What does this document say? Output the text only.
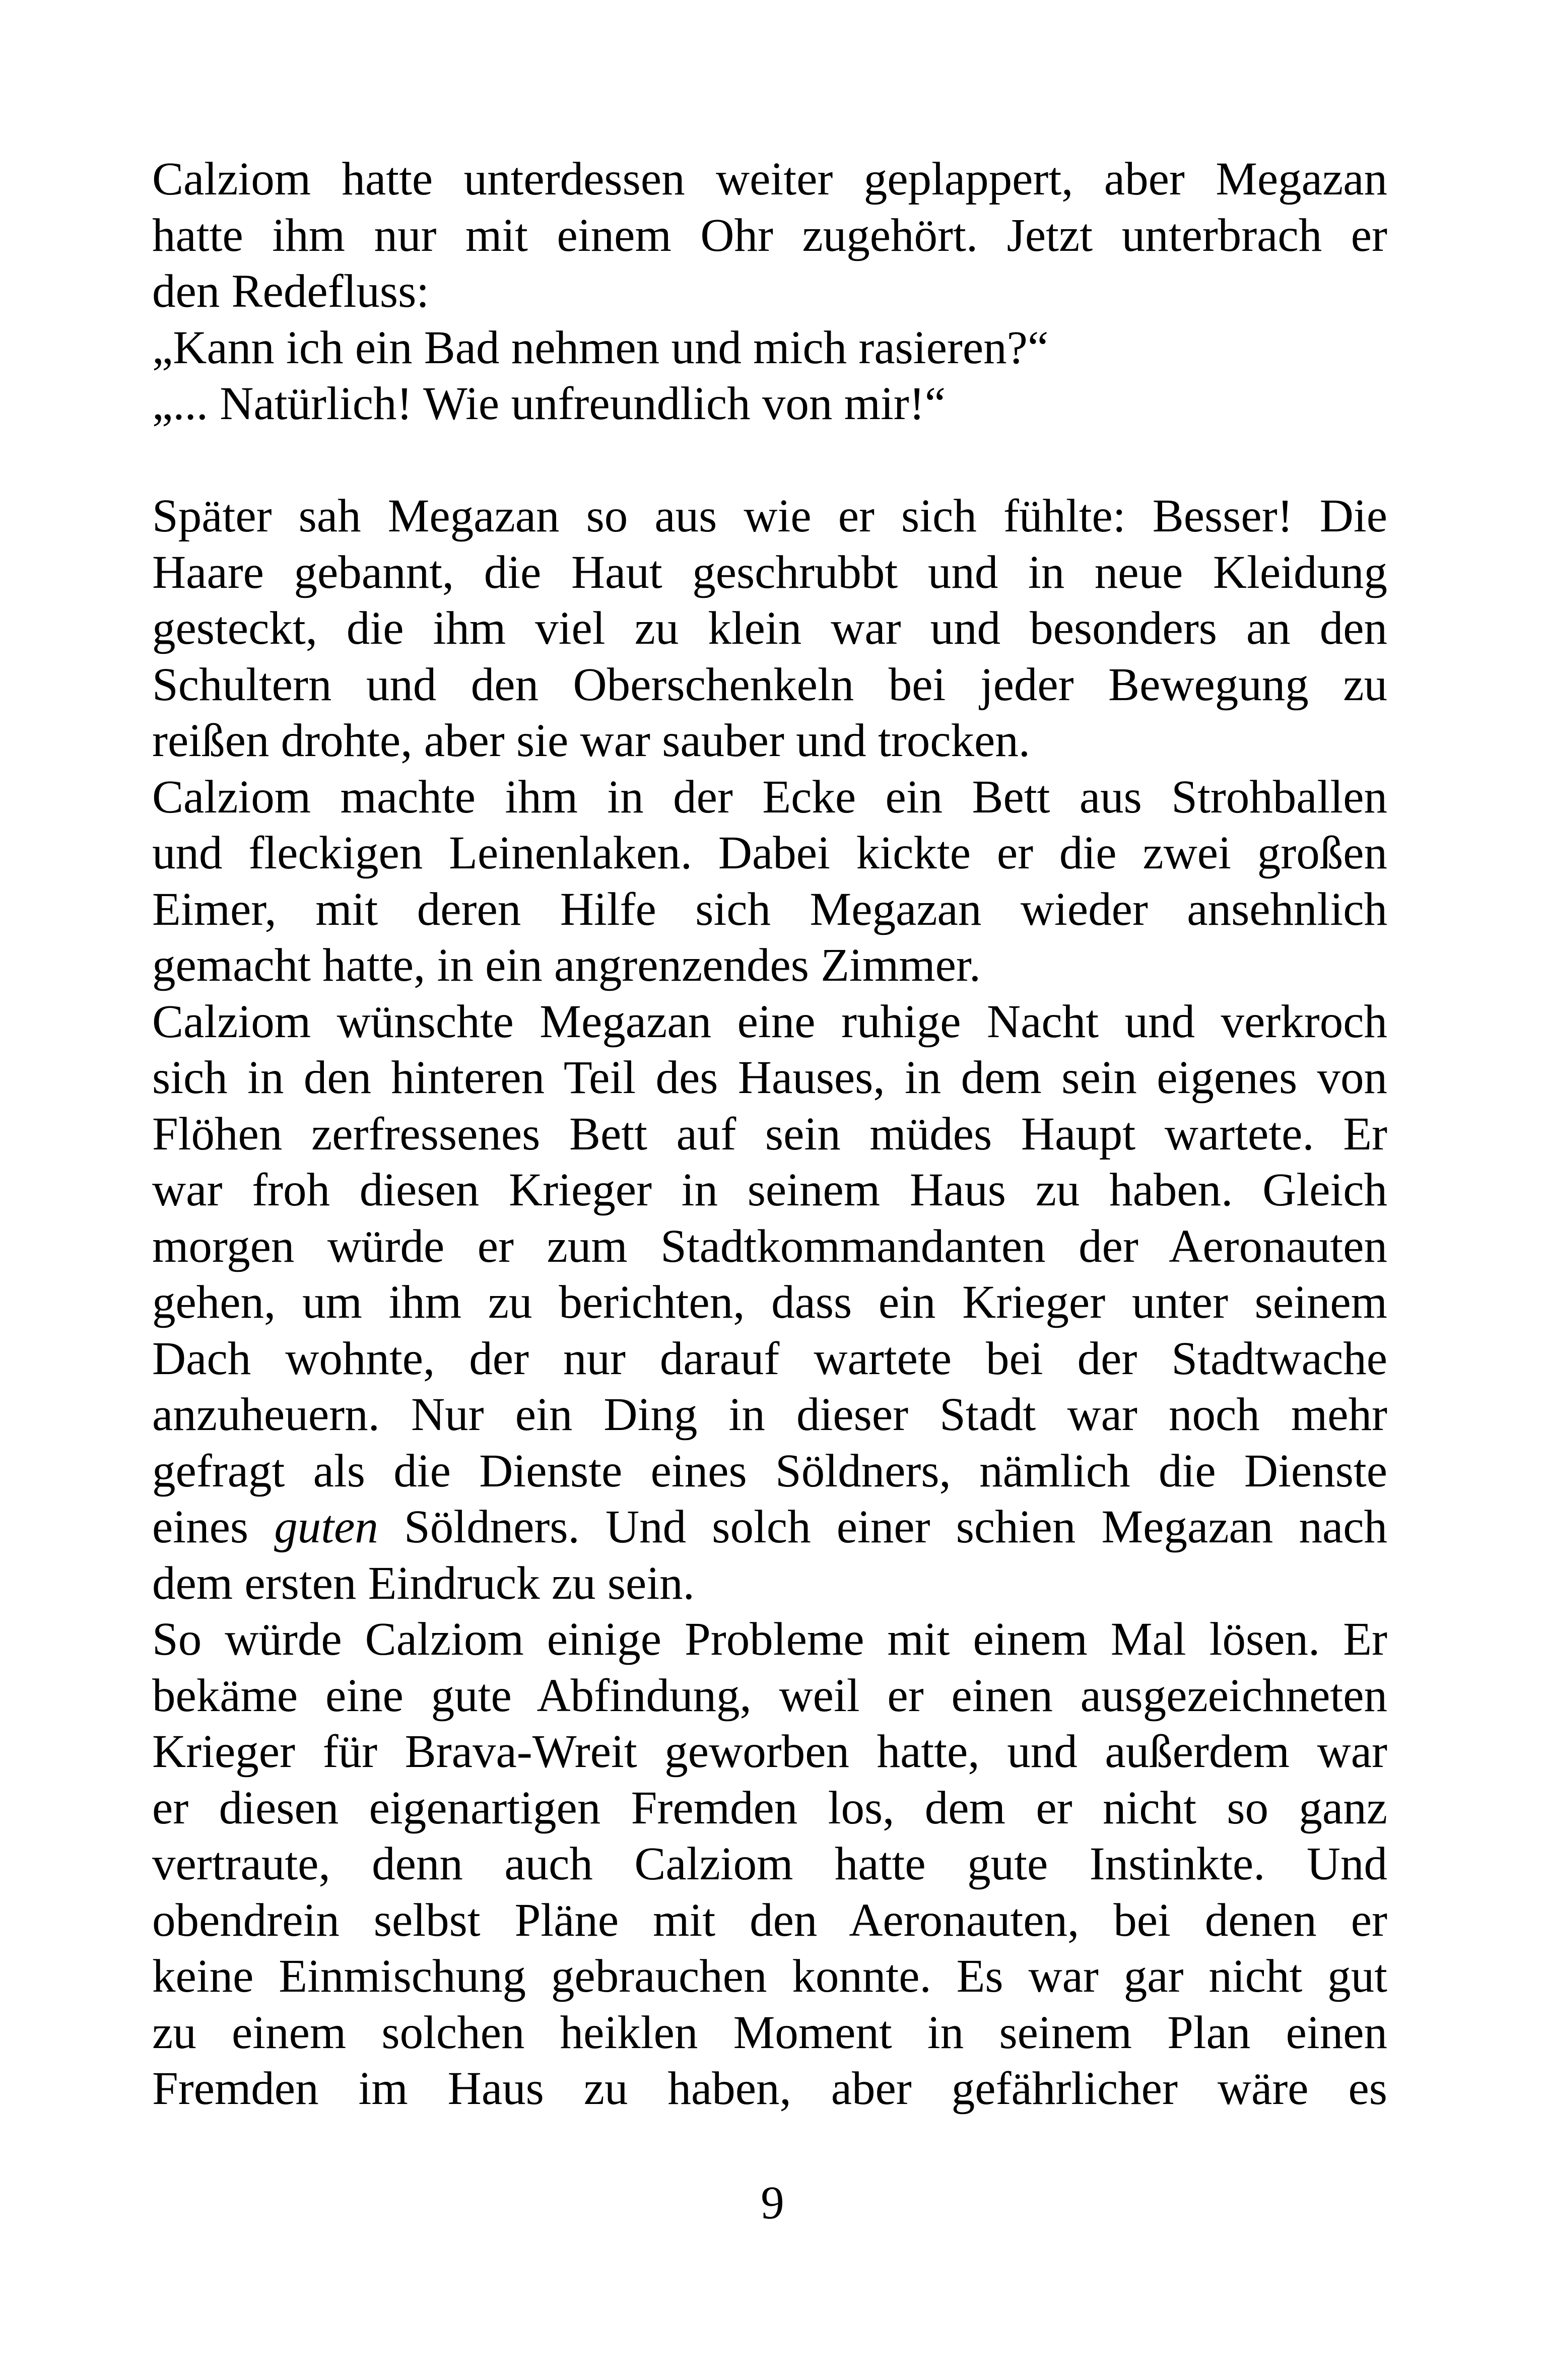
Calziom hatte unterdessen weiter geplappert, aber Megazan
hatte ihm nur mit einem Ohr zugehört. Jetzt unterbrach er
den Redefluss:
„Kann ich ein Bad nehmen und mich rasieren?“
„... Natürlich! Wie unfreundlich von mir!“
Später sah Megazan so aus wie er sich fühlte: Besser! Die
Haare gebannt, die Haut geschrubbt und in neue Kleidung
gesteckt, die ihm viel zu klein war und besonders an den
Schultern und den Oberschenkeln bei jeder Bewegung zu
reißen drohte, aber sie war sauber und trocken.
Calziom machte ihm in der Ecke ein Bett aus Strohballen
und fleckigen Leinenlaken. Dabei kickte er die zwei großen
Eimer, mit deren Hilfe sich Megazan wieder ansehnlich
gemacht hatte, in ein angrenzendes Zimmer.
Calziom wünschte Megazan eine ruhige Nacht und verkroch
sich in den hinteren Teil des Hauses, in dem sein eigenes von
Flöhen zerfressenes Bett auf sein müdes Haupt wartete. Er
war froh diesen Krieger in seinem Haus zu haben. Gleich
morgen würde er zum Stadtkommandanten der Aeronauten
gehen, um ihm zu berichten, dass ein Krieger unter seinem
Dach wohnte, der nur darauf wartete bei der Stadtwache
anzuheuern. Nur ein Ding in dieser Stadt war noch mehr
gefragt als die Dienste eines Söldners, nämlich die Dienste
eines guten Söldners. Und solch einer schien Megazan nach
dem ersten Eindruck zu sein.
So würde Calziom einige Probleme mit einem Mal lösen. Er
bekäme eine gute Abfindung, weil er einen ausgezeichneten
Krieger für Brava-Wreit geworben hatte, und außerdem war
er diesen eigenartigen Fremden los, dem er nicht so ganz
vertraute, denn auch Calziom hatte gute Instinkte. Und
obendrein selbst Pläne mit den Aeronauten, bei denen er
keine Einmischung gebrauchen konnte. Es war gar nicht gut
zu einem solchen heiklen Moment in seinem Plan einen
Fremden im Haus zu haben, aber gefährlicher wäre es
9
